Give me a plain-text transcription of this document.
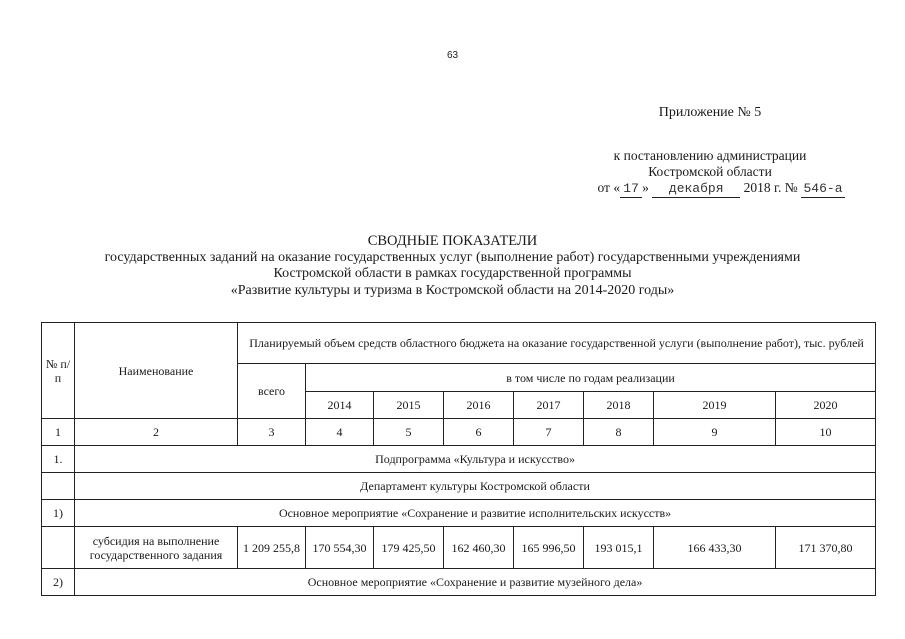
63
Приложение № 5
к постановлению администрации
Костромской области
от « 17 » декабря 2018 г. № 546-а
СВОДНЫЕ ПОКАЗАТЕЛИ
государственных заданий на оказание государственных услуг (выполнение работ) государственными учреждениями
Костромской области в рамках государственной программы
«Развитие культуры и туризма в Костромской области на 2014-2020 годы»
№ п/п	Наименование	Планируемый объем средств областного бюджета на оказание государственной услуги (выполнение работ), тыс. рублей							
		всего	в том числе по годам реализации						
			2014	2015	2016	2017	2018	2019	2020
1	2	3	4	5	6	7	8	9	10
1.	Подпрограмма «Культура и искусство»								
	Департамент культуры Костромской области								
1)	Основное мероприятие «Сохранение и развитие исполнительских искусств»								
	субсидия на выполнение государственного задания	1 209 255,8	170 554,30	179 425,50	162 460,30	165 996,50	193 015,1	166 433,30	171 370,80
2)	Основное мероприятие «Сохранение и развитие музейного дела»								
